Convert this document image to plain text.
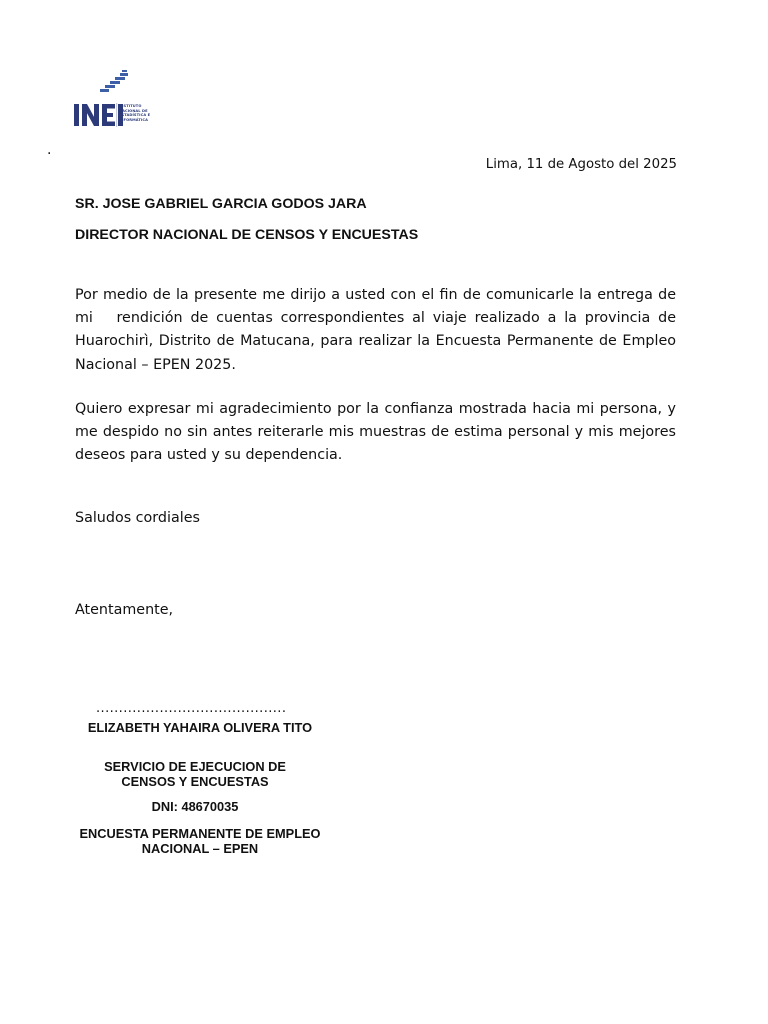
INSTITUTO
NACIONAL DE
ESTADÍSTICA E
INFORMÁTICA
.
Lima, 11 de Agosto del 2025
SR. JOSE GABRIEL GARCIA GODOS JARA
DIRECTOR NACIONAL DE CENSOS Y ENCUESTAS
Por medio de la presente me dirijo a usted con el fin de comunicarle la entrega de mi   rendición de cuentas correspondientes al viaje realizado a la provincia de Huarochirì, Distrito de Matucana, para realizar la Encuesta Permanente de Empleo Nacional – EPEN 2025.
Quiero expresar mi agradecimiento por la confianza mostrada hacia mi persona, y me despido no sin antes reiterarle mis muestras de estima personal y mis mejores deseos para usted y su dependencia.
Saludos cordiales
Atentamente,
..........................................
ELIZABETH YAHAIRA OLIVERA TITO
SERVICIO DE EJECUCION DE
CENSOS Y ENCUESTAS
DNI: 48670035
ENCUESTA PERMANENTE DE EMPLEO
NACIONAL – EPEN
